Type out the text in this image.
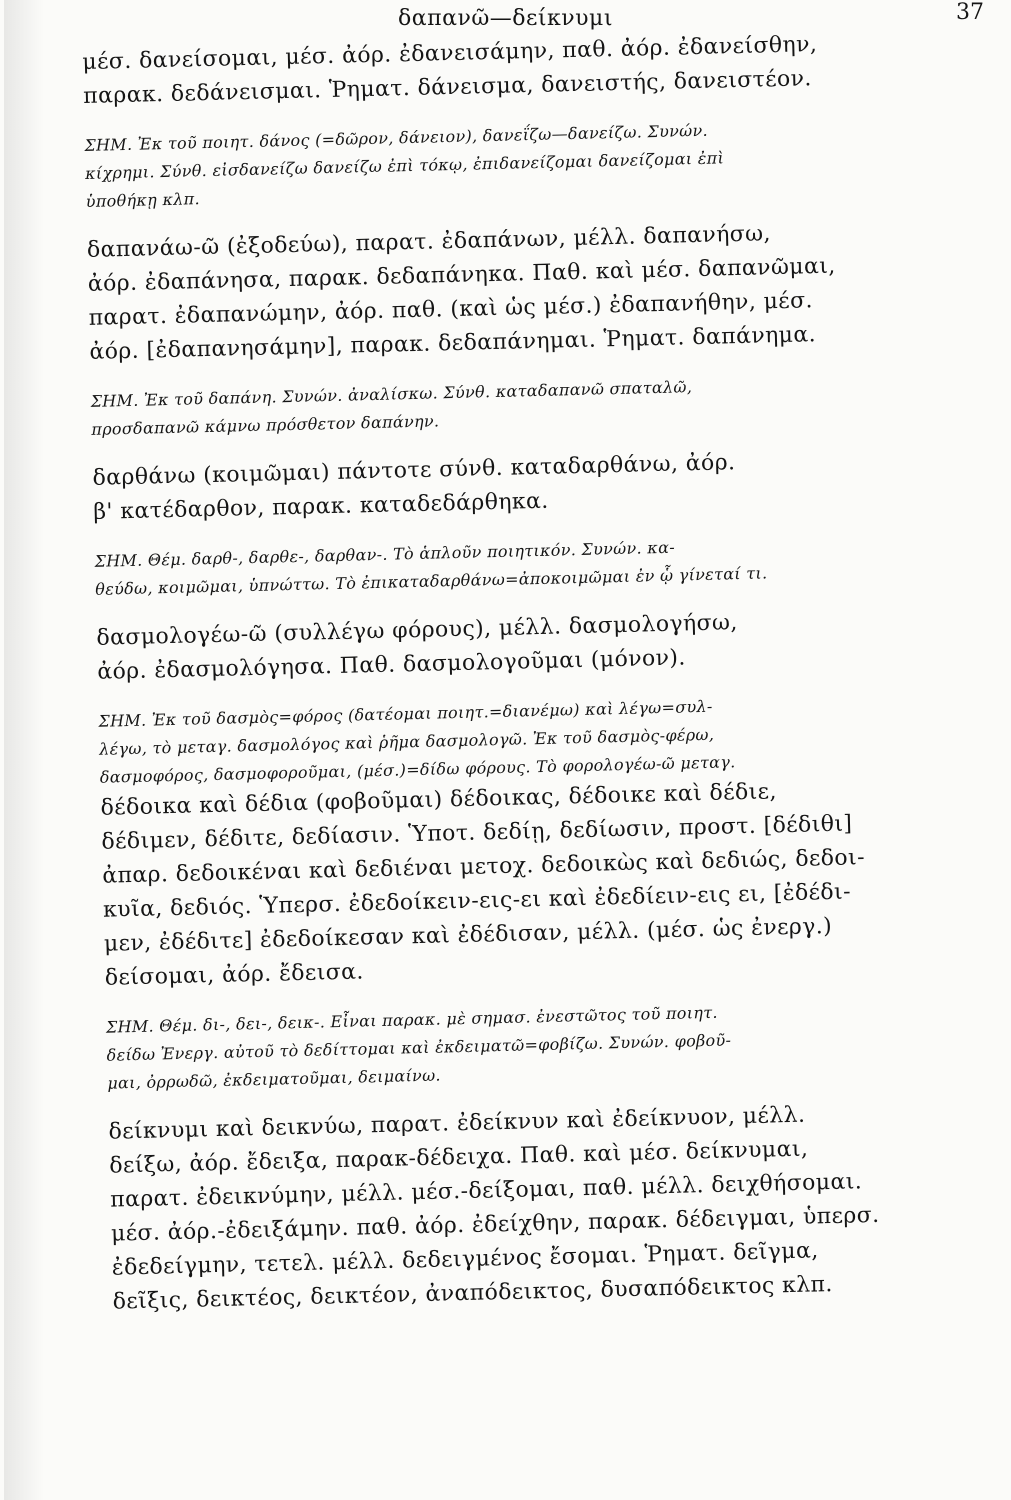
δαπανῶ—δείκνυμι	37

μέσ. δανείσομαι, μέσ. ἀόρ. ἐδανεισάμην, παθ. ἀόρ. ἐδανείσθην,

παρακ. δεδάνεισμαι. Ῥηματ. δάνεισμα, δανειστής, δανειστέον.

ΣΗΜ. Ἐκ τοῦ ποιητ. δάνος (=δῶρον, δάνειον), δανεΐζω—δανείζω. Συνών.

κίχρημι. Σύνθ. εἰσδανείζω δανείζω ἐπὶ τόκῳ, ἐπιδανείζομαι δανείζομαι ἐπὶ

ὑποθήκῃ κλπ.

δαπανάω-ῶ (ἐξοδεύω), παρατ. ἐδαπάνων, μέλλ. δαπανήσω,

ἀόρ. ἐδαπάνησα, παρακ. δεδαπάνηκα. Παθ. καὶ μέσ. δαπανῶμαι,

παρατ. ἐδαπανώμην, ἀόρ. παθ. (καὶ ὡς μέσ.) ἐδαπανήθην, μέσ.

ἀόρ. [ἐδαπανησάμην], παρακ. δεδαπάνημαι. Ῥηματ. δαπάνημα.

ΣΗΜ. Ἐκ τοῦ δαπάνη. Συνών. ἀναλίσκω. Σύνθ. καταδαπανῶ σπαταλῶ,

προσδαπανῶ κάμνω πρόσθετον δαπάνην.

δαρθάνω (κοιμῶμαι) πάντοτε σύνθ. καταδαρθάνω, ἀόρ.

β' κατέδαρθον, παρακ. καταδεδάρθηκα.

ΣΗΜ. Θέμ. δαρθ-, δαρθε-, δαρθαν-. Τὸ ἁπλοῦν ποιητικόν. Συνών. κα-

θεύδω, κοιμῶμαι, ὑπνώττω. Τὸ ἐπικαταδαρθάνω=ἀποκοιμῶμαι ἐν ᾧ γίνεταί τι.

δασμολογέω-ῶ (συλλέγω φόρους), μέλλ. δασμολογήσω,

ἀόρ. ἐδασμολόγησα. Παθ. δασμολογοῦμαι (μόνον).

ΣΗΜ. Ἐκ τοῦ δασμὸς=φόρος (δατέομαι ποιητ.=διανέμω) καὶ λέγω=συλ-

λέγω, τὸ μεταγ. δασμολόγος καὶ ῥῆμα δασμολογῶ. Ἐκ τοῦ δασμὸς-φέρω,

δασμοφόρος, δασμοφοροῦμαι, (μέσ.)=δίδω φόρους. Τὸ φορολογέω-ῶ μεταγ.

δέδοικα καὶ δέδια (φοβοῦμαι) δέδοικας, δέδοικε καὶ δέδιε,

δέδιμεν, δέδιτε, δεδίασιν. Ὑποτ. δεδίῃ, δεδίωσιν, προστ. [δέδιθι]

ἀπαρ. δεδοικέναι καὶ δεδιέναι μετοχ. δεδοικὼς καὶ δεδιώς, δεδοι-

κυῖα, δεδιός. Ὑπερσ. ἐδεδοίκειν-εις-ει καὶ ἐδεδίειν-εις ει, [ἐδέδι-

μεν, ἐδέδιτε] ἐδεδοίκεσαν καὶ ἐδέδισαν, μέλλ. (μέσ. ὡς ἐνεργ.)

δείσομαι, ἀόρ. ἔδεισα.

ΣΗΜ. Θέμ. δι-, δει-, δεικ-. Εἶναι παρακ. μὲ σημασ. ἐνεστῶτος τοῦ ποιητ.

δείδω Ἐνεργ. αὐτοῦ τὸ δεδίττομαι καὶ ἐκδειματῶ=φοβίζω. Συνών. φοβοῦ-

μαι, ὀρρωδῶ, ἐκδειματοῦμαι, δειμαίνω.

δείκνυμι καὶ δεικνύω, παρατ. ἐδείκνυν καὶ ἐδείκνυον, μέλλ.

δείξω, ἀόρ. ἔδειξα, παρακ-δέδειχα. Παθ. καὶ μέσ. δείκνυμαι,

παρατ. ἐδεικνύμην, μέλλ. μέσ.-δείξομαι, παθ. μέλλ. δειχθήσομαι.

μέσ. ἀόρ.-ἐδειξάμην. παθ. ἀόρ. ἐδείχθην, παρακ. δέδειγμαι, ὑπερσ.

ἐδεδείγμην, τετελ. μέλλ. δεδειγμένος ἔσομαι. Ῥηματ. δεῖγμα,

δεῖξις, δεικτέος, δεικτέον, ἀναπόδεικτος, δυσαπόδεικτος κλπ.
